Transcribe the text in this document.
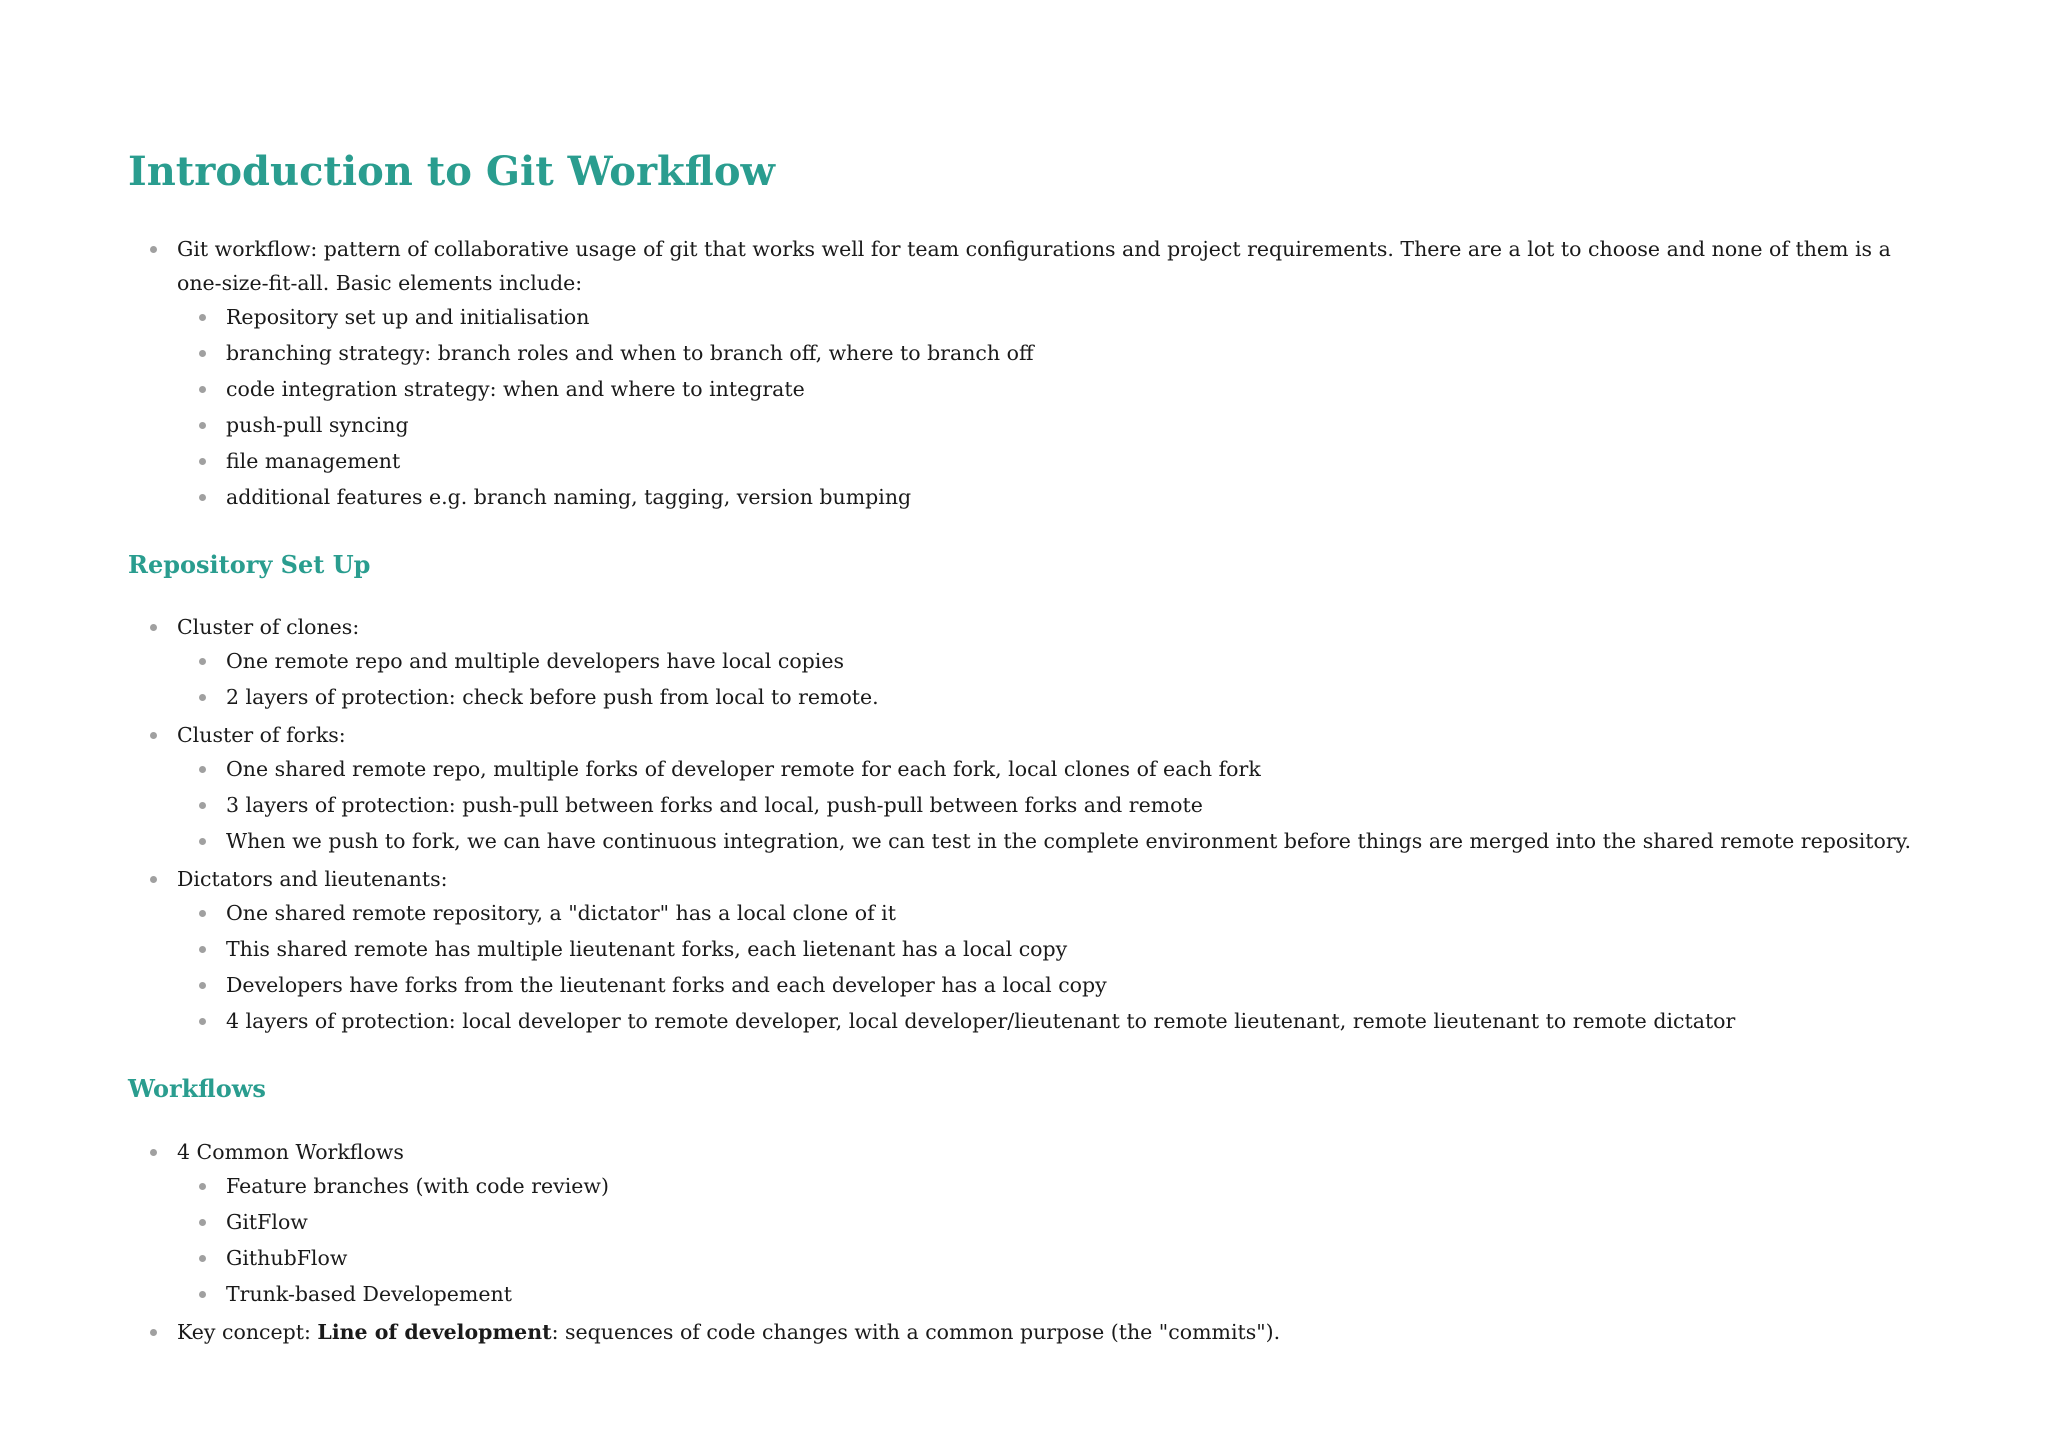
Introduction to Git Workflow
Git workflow: pattern of collaborative usage of git that works well for team configurations and project requirements. There are a lot to choose and none of them is a one-size-fit-all. Basic elements include:
Repository set up and initialisation
branching strategy: branch roles and when to branch off, where to branch off
code integration strategy: when and where to integrate
push-pull syncing
file management
additional features e.g. branch naming, tagging, version bumping
Repository Set Up
Cluster of clones:
One remote repo and multiple developers have local copies
2 layers of protection: check before push from local to remote.
Cluster of forks:
One shared remote repo, multiple forks of developer remote for each fork, local clones of each fork
3 layers of protection: push-pull between forks and local, push-pull between forks and remote
When we push to fork, we can have continuous integration, we can test in the complete environment before things are merged into the shared remote repository.
Dictators and lieutenants:
One shared remote repository, a "dictator" has a local clone of it
This shared remote has multiple lieutenant forks, each lietenant has a local copy
Developers have forks from the lieutenant forks and each developer has a local copy
4 layers of protection: local developer to remote developer, local developer/lieutenant to remote lieutenant, remote lieutenant to remote dictator
Workflows
4 Common Workflows
Feature branches (with code review)
GitFlow
GithubFlow
Trunk-based Developement
Key concept: Line of development: sequences of code changes with a common purpose (the "commits").
